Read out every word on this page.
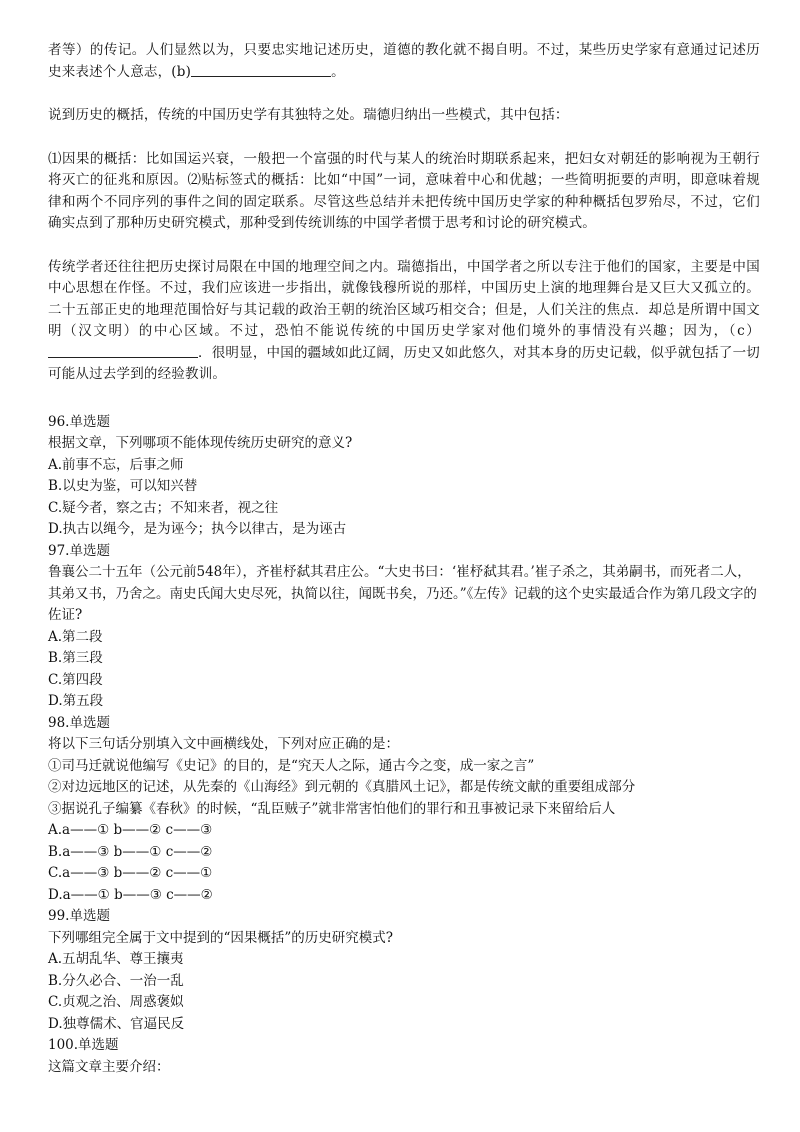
者等）的传记。人们显然以为，只要忠实地记述历史，道德的教化就不揭自明。不过，某些历史学家有意通过记述历史来表述个人意志，(b)	。

说到历史的概括，传统的中国历史学有其独特之处。瑞德归纳出一些模式，其中包括：

⑴因果的概括：比如国运兴衰，一般把一个富强的时代与某人的统治时期联系起来，把妇女对朝廷的影响视为王朝行将灭亡的征兆和原因。⑵贴标签式的概括：比如“中国”一词，意味着中心和优越；一些简明扼要的声明，即意味着规律和两个不同序列的事件之间的固定联系。尽管这些总结并未把传统中国历史学家的种种概括包罗殆尽，不过，它们确实点到了那种历史研究模式，那种受到传统训练的中国学者惯于思考和讨论的研究模式。

传统学者还往往把历史探讨局限在中国的地理空间之内。瑞德指出，中国学者之所以专注于他们的国家，主要是中国中心思想在作怪。不过，我们应该进一步指出，就像钱穆所说的那样，中国历史上演的地理舞台是又巨大又孤立的。二十五部正史的地理范围恰好与其记载的政治王朝的统治区域巧相交合；但是，人们关注的焦点．却总是所谓中国文明（汉文明）的中心区域。不过，恐怕不能说传统的中国历史学家对他们境外的事情没有兴趣；因为，（c）．很明显，中国的疆域如此辽阔，历史又如此悠久，对其本身的历史记载，似乎就包括了一切可能从过去学到的经验教训。

96.单选题

根据文章，下列哪项不能体现传统历史研究的意义?

A.前事不忘，后事之师

B.以史为鉴，可以知兴替

C.疑今者，察之古；不知来者，视之往

D.执古以绳今，是为诬今；执今以律古，是为诬古

97.单选题

鲁襄公二十五年（公元前548年），齐崔杼弑其君庄公。“大史书曰：‘崔杼弑其君。’崔子杀之，其弟嗣书，而死者二人，其弟又书，乃舍之。南史氏闻大史尽死，执简以往，闻既书矣，乃还。”《左传》记载的这个史实最适合作为第几段文字的佐证?

A.第二段

B.第三段

C.第四段

D.第五段

98.单选题

将以下三句话分别填入文中画横线处，下列对应正确的是：

①司马迁就说他编写《史记》的目的，是“究天人之际，通古今之变，成一家之言”

②对边远地区的记述，从先秦的《山海经》到元朝的《真腊风土记》，都是传统文献的重要组成部分

③据说孔子编纂《春秋》的时候，“乱臣贼子”就非常害怕他们的罪行和丑事被记录下来留给后人

A.a——① b——② c——③

B.a——③ b——① c——②

C.a——③ b——② c——①

D.a——① b——③ c——②

99.单选题

下列哪组完全属于文中提到的“因果概括”的历史研究模式?

A.五胡乱华、尊王攘夷

B.分久必合、一治一乱

C.贞观之治、周惑褒姒

D.独尊儒术、官逼民反

100.单选题

这篇文章主要介绍：
